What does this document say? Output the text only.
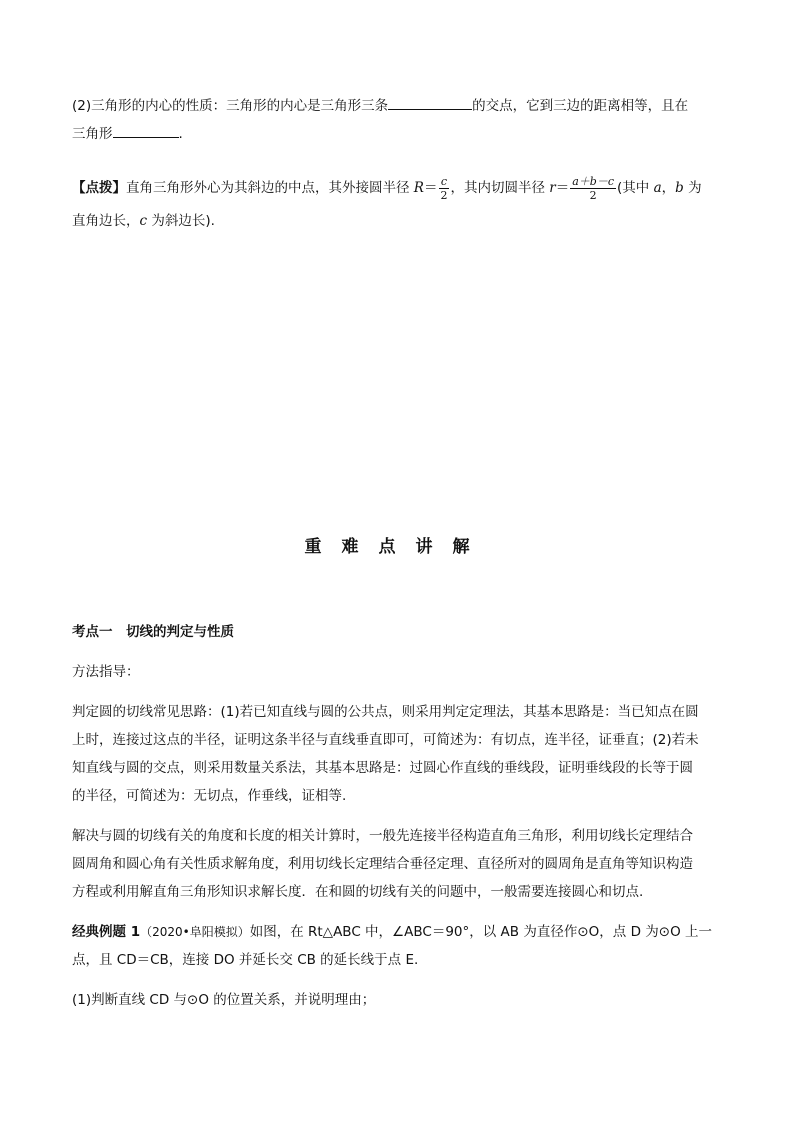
(2)三角形的内心的性质：三角形的内心是三角形三条	的交点，它到三边的距离相等，且在
三角形	.
【点拨】直角三角形外心为其斜边的中点，其外接圆半径 $R= \frac{c}{2}$ ，其内切圆半径 $r= \frac{a+b-c}{2}$ (其中 a，b 为
直角边长，c 为斜边长).
重难点讲解
考点一　切线的判定与性质
方法指导：
判定圆的切线常见思路：(1)若已知直线与圆的公共点，则采用判定定理法，其基本思路是：当已知点在圆
上时，连接过这点的半径，证明这条半径与直线垂直即可，可简述为：有切点，连半径，证垂直；(2)若未
知直线与圆的交点，则采用数量关系法，其基本思路是：过圆心作直线的垂线段，证明垂线段的长等于圆
的半径，可简述为：无切点，作垂线，证相等.
解决与圆的切线有关的角度和长度的相关计算时，一般先连接半径构造直角三角形，利用切线长定理结合
圆周角和圆心角有关性质求解角度，利用切线长定理结合垂径定理、直径所对的圆周角是直角等知识构造
方程或利用解直角三角形知识求解长度．在和圆的切线有关的问题中，一般需要连接圆心和切点.
经典例题 1（2020•阜阳模拟）如图，在 Rt△ABC 中，∠ABC＝90°，以 AB 为直径作⊙O，点 D 为⊙O 上一
点，且 CD＝CB，连接 DO 并延长交 CB 的延长线于点 E.
(1)判断直线 CD 与⊙O 的位置关系，并说明理由；
